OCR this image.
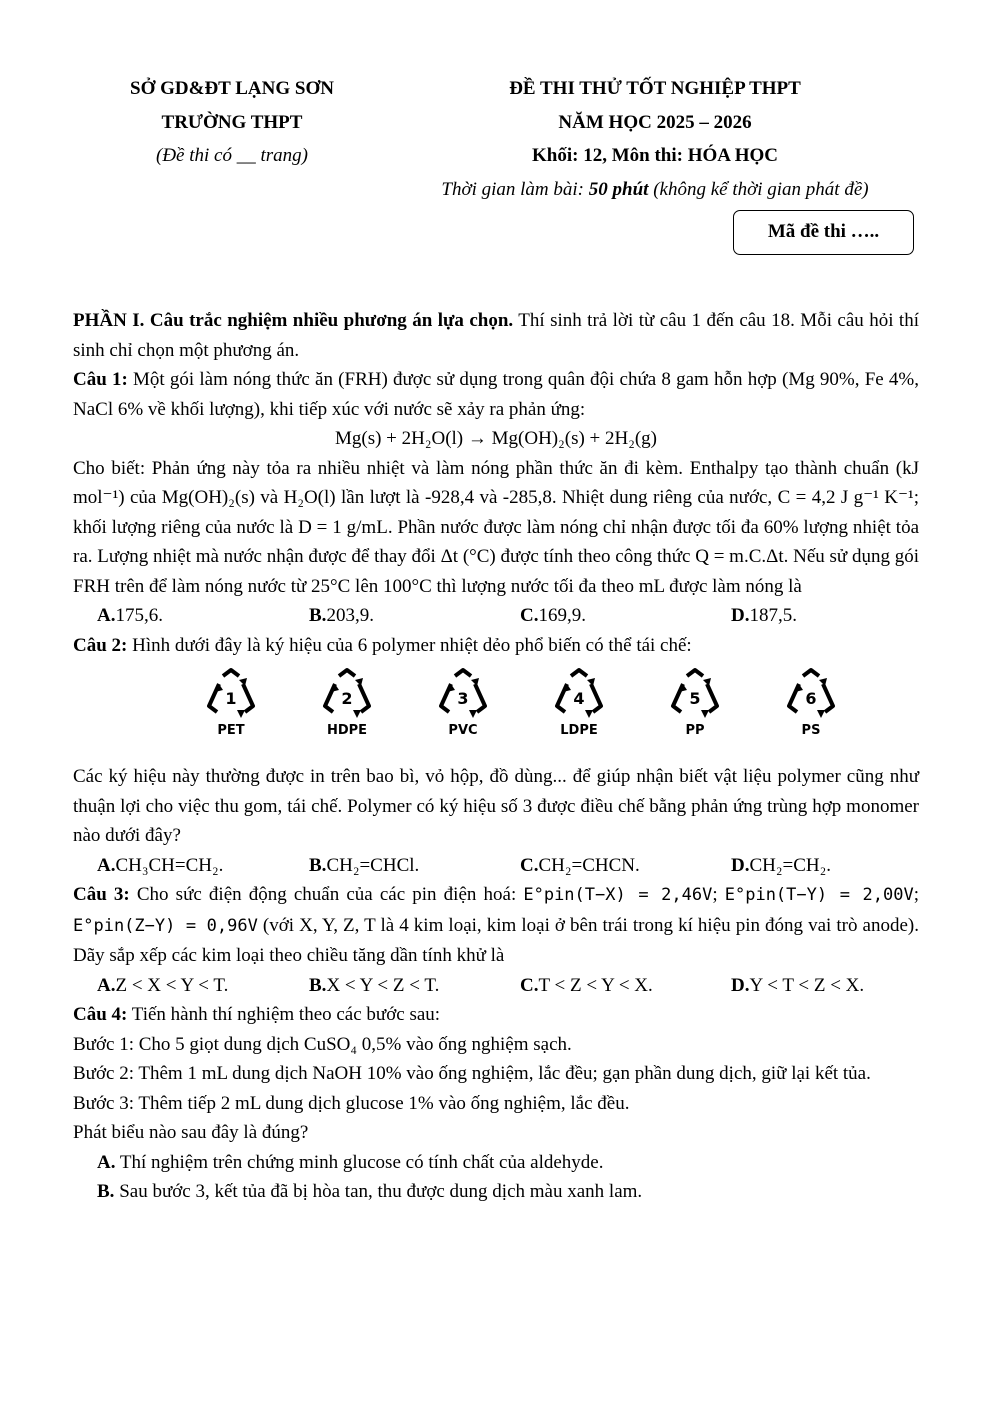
SỞ GD&ĐT LẠNG SƠN
TRƯỜNG THPT
(Đề thi có __ trang)
ĐỀ THI THỬ TỐT NGHIỆP THPT
NĂM HỌC 2025 – 2026
Khối: 12, Môn thi: HÓA HỌC
Thời gian làm bài: 50 phút (không kể thời gian phát đề)
Mã đề thi …..

PHẦN I. Câu trắc nghiệm nhiều phương án lựa chọn. Thí sinh trả lời từ câu 1 đến câu 18. Mỗi câu hỏi thí sinh chỉ chọn một phương án.

Câu 1: Một gói làm nóng thức ăn (FRH) được sử dụng trong quân đội chứa 8 gam hỗn hợp (Mg 90%, Fe 4%, NaCl 6% về khối lượng), khi tiếp xúc với nước sẽ xảy ra phản ứng:

Mg(s) + 2H₂O(l) → Mg(OH)₂(s) + 2H₂(g)

Cho biết: Phản ứng này tỏa ra nhiều nhiệt và làm nóng phần thức ăn đi kèm. Enthalpy tạo thành chuẩn (kJ mol⁻¹) của Mg(OH)₂(s) và H₂O(l) lần lượt là -928,4 và -285,8. Nhiệt dung riêng của nước, C = 4,2 J g⁻¹ K⁻¹; khối lượng riêng của nước là D = 1 g/mL. Phần nước được làm nóng chỉ nhận được tối đa 60% lượng nhiệt tỏa ra. Lượng nhiệt mà nước nhận được để thay đổi Δt (°C) được tính theo công thức Q = m.C.Δt. Nếu sử dụng gói FRH trên để làm nóng nước từ 25°C lên 100°C thì lượng nước tối đa theo mL được làm nóng là

A.175,6.	B.203,9.	C.169,9.	D.187,5.

Câu 2: Hình dưới đây là ký hiệu của 6 polymer nhiệt dẻo phổ biến có thể tái chế:

1
PET
2
HDPE
3
PVC
4
LDPE
5
PP
6
PS

Các ký hiệu này thường được in trên bao bì, vỏ hộp, đồ dùng... để giúp nhận biết vật liệu polymer cũng như thuận lợi cho việc thu gom, tái chế. Polymer có ký hiệu số 3 được điều chế bằng phản ứng trùng hợp monomer nào dưới đây?

A.CH₃CH=CH₂.	B.CH₂=CHCl.	C.CH₂=CHCN.	D.CH₂=CH₂.

Câu 3: Cho sức điện động chuẩn của các pin điện hoá: E°pin(T−X) = 2,46V; E°pin(T−Y) = 2,00V; E°pin(Z−Y) = 0,96V (với X, Y, Z, T là 4 kim loại, kim loại ở bên trái trong kí hiệu pin đóng vai trò anode). Dãy sắp xếp các kim loại theo chiều tăng dần tính khử là

A.Z < X < Y < T.	B.X < Y < Z < T.	C.T < Z < Y < X.	D.Y < T < Z < X.

Câu 4: Tiến hành thí nghiệm theo các bước sau:

Bước 1: Cho 5 giọt dung dịch CuSO₄ 0,5% vào ống nghiệm sạch.

Bước 2: Thêm 1 mL dung dịch NaOH 10% vào ống nghiệm, lắc đều; gạn phần dung dịch, giữ lại kết tủa.

Bước 3: Thêm tiếp 2 mL dung dịch glucose 1% vào ống nghiệm, lắc đều.

Phát biểu nào sau đây là đúng?

A. Thí nghiệm trên chứng minh glucose có tính chất của aldehyde.

B. Sau bước 3, kết tủa đã bị hòa tan, thu được dung dịch màu xanh lam.
